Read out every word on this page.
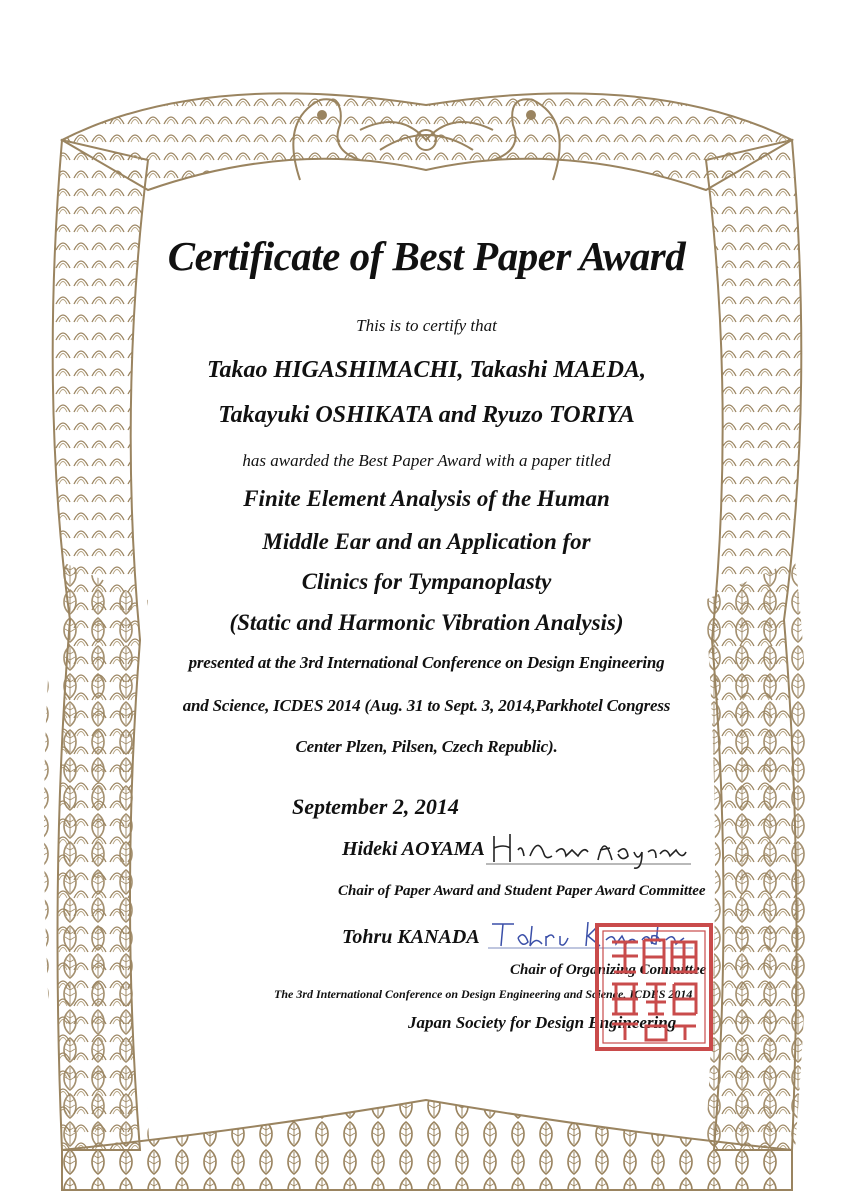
Certificate of Best Paper Award
This is to certify that
Takao HIGASHIMACHI, Takashi MAEDA,
Takayuki OSHIKATA and Ryuzo TORIYA
has awarded the Best Paper Award with a paper titled
Finite Element Analysis of the Human
Middle Ear and an Application for
Clinics for Tympanoplasty
(Static and Harmonic Vibration Analysis)
presented at the 3rd International Conference on Design Engineering
and Science, ICDES 2014 (Aug. 31 to Sept. 3, 2014,Parkhotel Congress
Center Plzen, Pilsen, Czech Republic).
September 2, 2014
Hideki AOYAMA
Chair of Paper Award and Student Paper Award Committee
Tohru KANADA
Chair of Organizing Committee
The 3rd International Conference on Design Engineering and Science, ICDES 2014
Japan Society for Design Engineering
